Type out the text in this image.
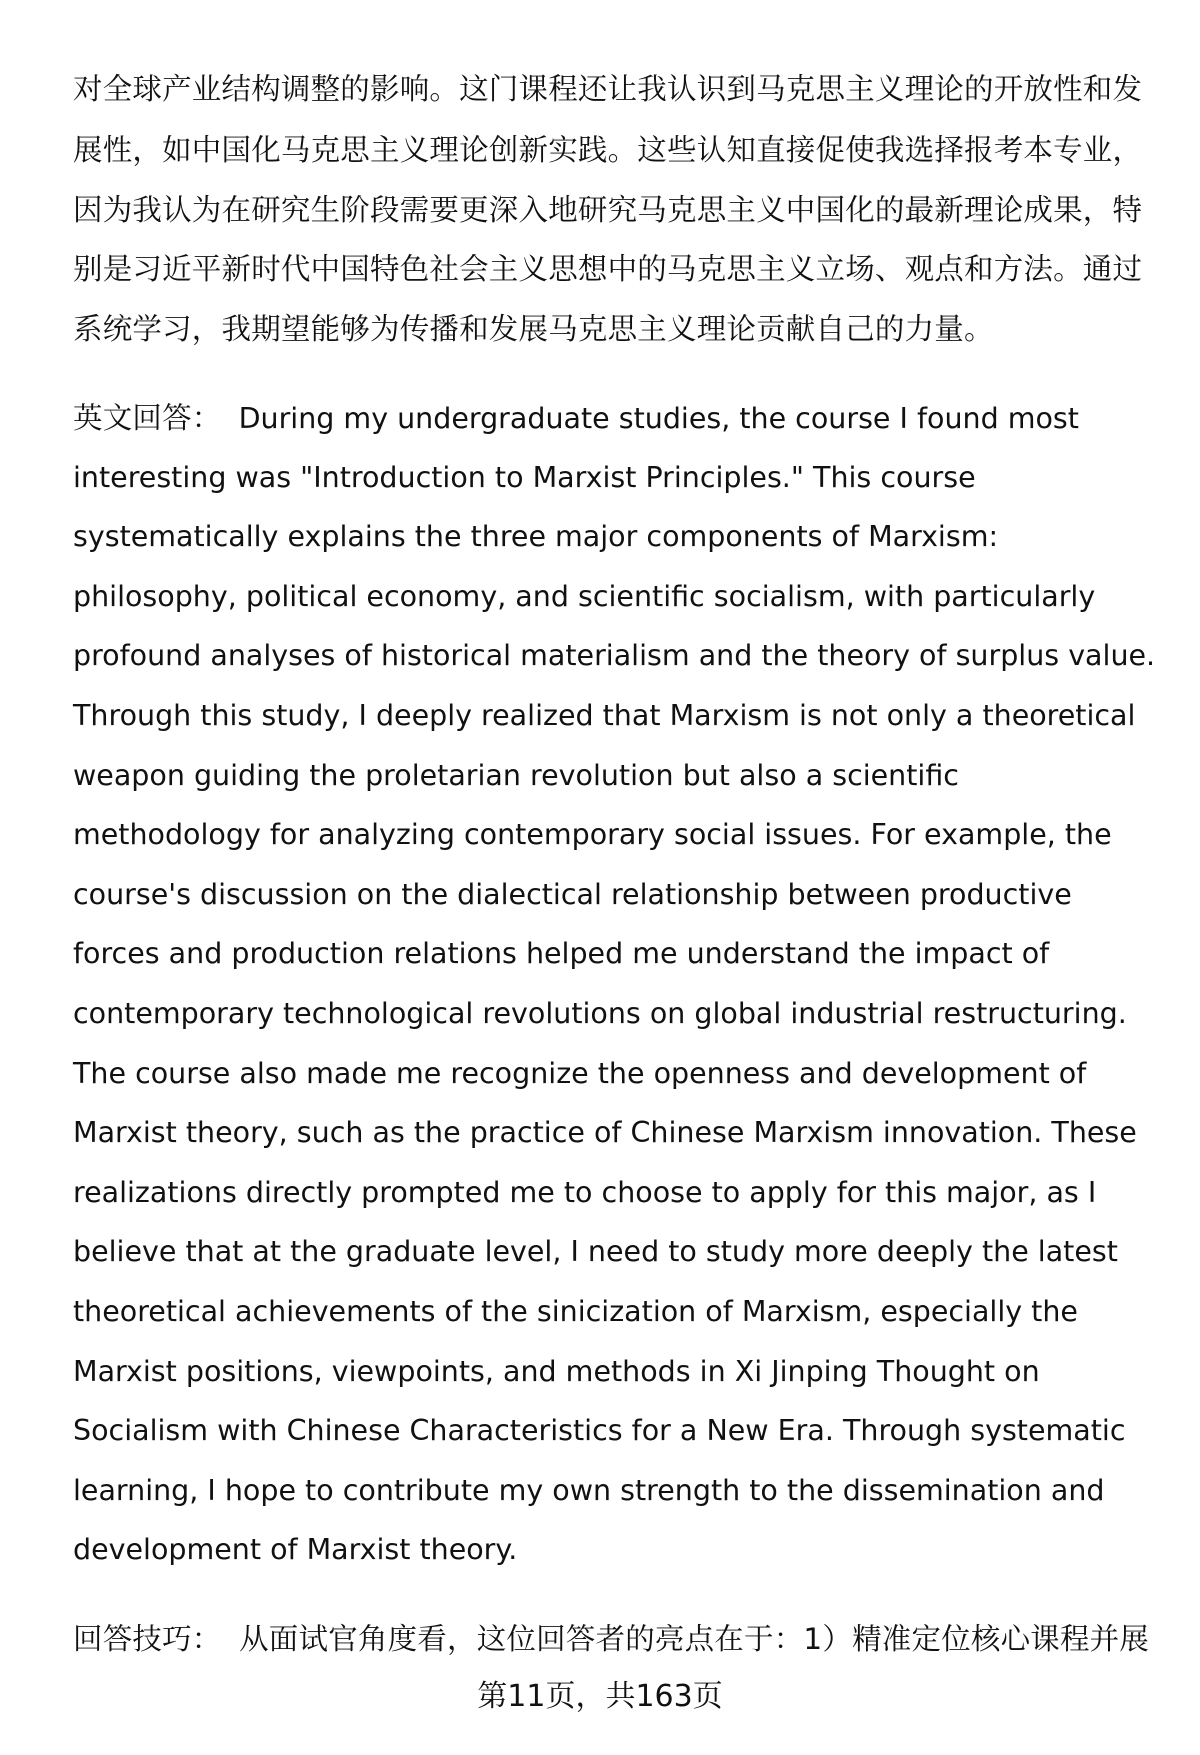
对全球产业结构调整的影响。这门课程还让我认识到马克思主义理论的开放性和发
展性，如中国化马克思主义理论创新实践。这些认知直接促使我选择报考本专业，
因为我认为在研究生阶段需要更深入地研究马克思主义中国化的最新理论成果，特
别是习近平新时代中国特色社会主义思想中的马克思主义立场、观点和方法。通过
系统学习，我期望能够为传播和发展马克思主义理论贡献自己的力量。
英文回答： During my undergraduate studies, the course I found most
interesting was "Introduction to Marxist Principles." This course
systematically explains the three major components of Marxism:
philosophy, political economy, and scientific socialism, with particularly
profound analyses of historical materialism and the theory of surplus value.
Through this study, I deeply realized that Marxism is not only a theoretical
weapon guiding the proletarian revolution but also a scientific
methodology for analyzing contemporary social issues. For example, the
course's discussion on the dialectical relationship between productive
forces and production relations helped me understand the impact of
contemporary technological revolutions on global industrial restructuring.
The course also made me recognize the openness and development of
Marxist theory, such as the practice of Chinese Marxism innovation. These
realizations directly prompted me to choose to apply for this major, as I
believe that at the graduate level, I need to study more deeply the latest
theoretical achievements of the sinicization of Marxism, especially the
Marxist positions, viewpoints, and methods in Xi Jinping Thought on
Socialism with Chinese Characteristics for a New Era. Through systematic
learning, I hope to contribute my own strength to the dissemination and
development of Marxist theory.
回答技巧： 从面试官角度看，这位回答者的亮点在于：1）精准定位核心课程并展
第11页，共163页
